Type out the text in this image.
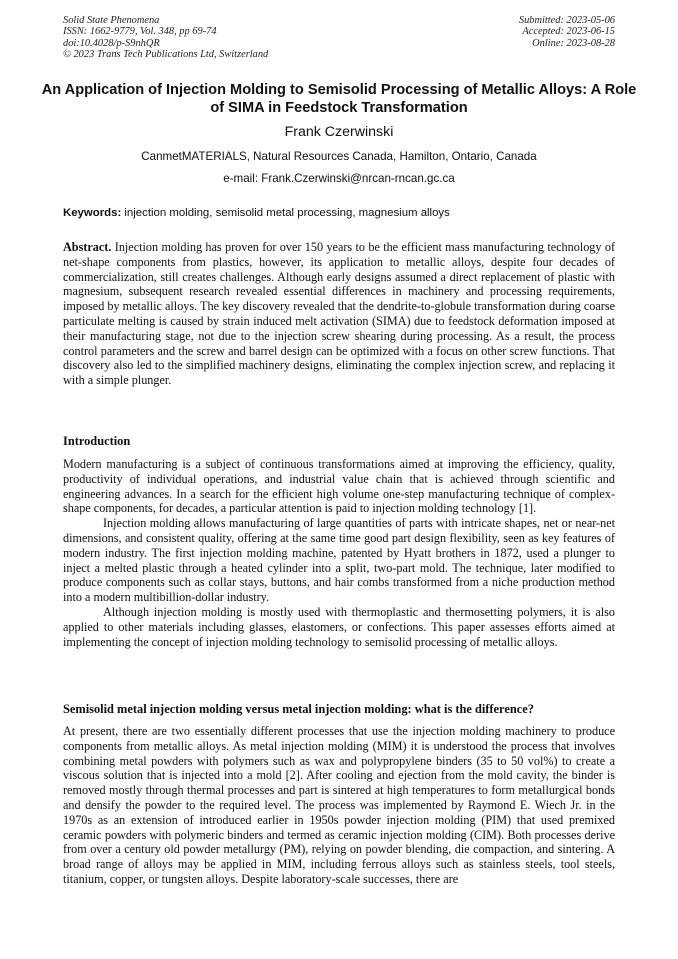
Solid State Phenomena
ISSN: 1662-9779, Vol. 348, pp 69-74
doi:10.4028/p-S9nhQR
© 2023 Trans Tech Publications Ltd, Switzerland
Submitted: 2023-05-06
Accepted: 2023-06-15
Online: 2023-08-28
An Application of Injection Molding to Semisolid Processing of Metallic Alloys: A Role of SIMA in Feedstock Transformation
Frank Czerwinski
CanmetMATERIALS, Natural Resources Canada, Hamilton, Ontario, Canada
e-mail: Frank.Czerwinski@nrcan-rncan.gc.ca
Keywords: injection molding, semisolid metal processing, magnesium alloys

Abstract. Injection molding has proven for over 150 years to be the efficient mass manufacturing technology of net-shape components from plastics, however, its application to metallic alloys, despite four decades of commercialization, still creates challenges. Although early designs assumed a direct replacement of plastic with magnesium, subsequent research revealed essential differences in machinery and processing requirements, imposed by metallic alloys. The key discovery revealed that the dendrite-to-globule transformation during coarse particulate melting is caused by strain induced melt activation (SIMA) due to feedstock deformation imposed at their manufacturing stage, not due to the injection screw shearing during processing. As a result, the process control parameters and the screw and barrel design can be optimized with a focus on other screw functions. That discovery also led to the simplified machinery designs, eliminating the complex injection screw, and replacing it with a simple plunger.

Introduction

Modern manufacturing is a subject of continuous transformations aimed at improving the efficiency, quality, productivity of individual operations, and industrial value chain that is achieved through scientific and engineering advances. In a search for the efficient high volume one-step manufacturing technique of complex-shape components, for decades, a particular attention is paid to injection molding technology [1].

Injection molding allows manufacturing of large quantities of parts with intricate shapes, net or near-net dimensions, and consistent quality, offering at the same time good part design flexibility, seen as key features of modern industry. The first injection molding machine, patented by Hyatt brothers in 1872, used a plunger to inject a melted plastic through a heated cylinder into a split, two-part mold. The technique, later modified to produce components such as collar stays, buttons, and hair combs transformed from a niche production method into a modern multibillion-dollar industry.

Although injection molding is mostly used with thermoplastic and thermosetting polymers, it is also applied to other materials including glasses, elastomers, or confections. This paper assesses efforts aimed at implementing the concept of injection molding technology to semisolid processing of metallic alloys.

Semisolid metal injection molding versus metal injection molding: what is the difference?

At present, there are two essentially different processes that use the injection molding machinery to produce components from metallic alloys. As metal injection molding (MIM) it is understood the process that involves combining metal powders with polymers such as wax and polypropylene binders (35 to 50 vol%) to create a viscous solution that is injected into a mold [2]. After cooling and ejection from the mold cavity, the binder is removed mostly through thermal processes and part is sintered at high temperatures to form metallurgical bonds and densify the powder to the required level. The process was implemented by Raymond E. Wiech Jr. in the 1970s as an extension of introduced earlier in 1950s powder injection molding (PIM) that used premixed ceramic powders with polymeric binders and termed as ceramic injection molding (CIM). Both processes derive from over a century old powder metallurgy (PM), relying on powder blending, die compaction, and sintering. A broad range of alloys may be applied in MIM, including ferrous alloys such as stainless steels, tool steels, titanium, copper, or tungsten alloys. Despite laboratory-scale successes, there are
